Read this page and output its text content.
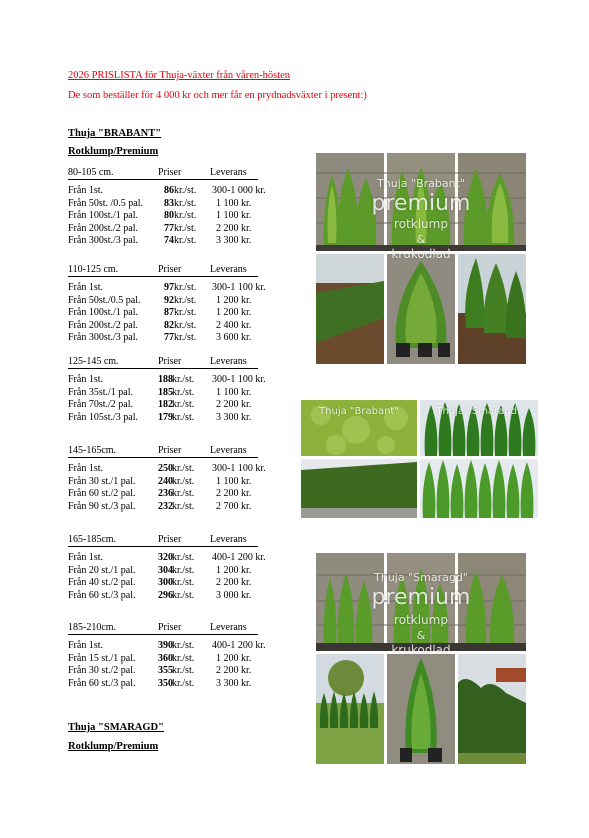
2026 PRISLISTA för Thuja-växter från våren-hösten
De som beställer för 4 000 kr och mer får en prydnadsväxter i present:)
Thuja "BRABANT"
Rotklump/Premium
80-105 cm.	Priser	Leverans
Från 1st.	86 kr./st. 300-1 000 kr.
Från 50st. /0.5 pal. 83 kr./st. 1 100 kr.
Från 100st./1 pal.	80 kr./st. 1 100 kr.
Från 200st./2 pal.	77 kr./st. 2 200 kr.
Från 300st./3 pal.	74 kr./st. 3 300 kr.
110-125 cm.	Priser	Leverans
Från 1st.	97 kr./st. 300-1 100 kr.
Från 50st./0.5 pal. 92 kr./st. 1 200 kr.
Från 100st./1 pal.	87 kr./st. 1 200 kr.
Från 200st./2 pal.	82 kr./st. 2 400 kr.
Från 300st./3 pal.	77 kr./st. 3 600 kr.
125-145 cm.	Priser	Leverans
Från 1st.	188 kr./st. 300-1 100 kr.
Från 35st./1 pal.	185 kr./st. 1 100 kr.
Från 70st./2 pal.	182 kr./st. 2 200 kr.
Från 105st./3 pal. 179 kr./st. 3 300 kr.
145-165cm.	Priser	Leverans
Från 1st.	250 kr./st. 300-1 100 kr.
Från 30 st./1 pal. 240 kr./st. 1 100 kr.
Från 60 st./2 pal. 236 kr./st. 2 200 kr.
Från 90 st./3 pal. 232 kr./st. 2 700 kr.
165-185cm.	Priser	Leverans
Från 1st.	320 kr./st. 400-1 200 kr.
Från 20 st./1 pal. 304 kr./st. 1 200 kr.
Från 40 st./2 pal. 300 kr./st. 2 200 kr.
Från 60 st./3 pal. 296 kr./st. 3 000 kr.
185-210cm.	Priser	Leverans
Från 1st.	390 kr./st. 400-1 200 kr.
Från 15 st./1 pal. 360 kr./st. 1 200 kr.
Från 30 st./2 pal. 355 kr./st. 2 200 kr.
Från 60 st./3 pal. 350 kr./st. 3 300 kr.
Thuja "SMARAGD"
Rotklump/Premium
Thuja "Brabant"
premium
rotklump
&
krukodlad
Thuja "Brabant"	Thuja "Smaragd"
Thuja "Smaragd"
premium
rotklump
&
krukodlad
